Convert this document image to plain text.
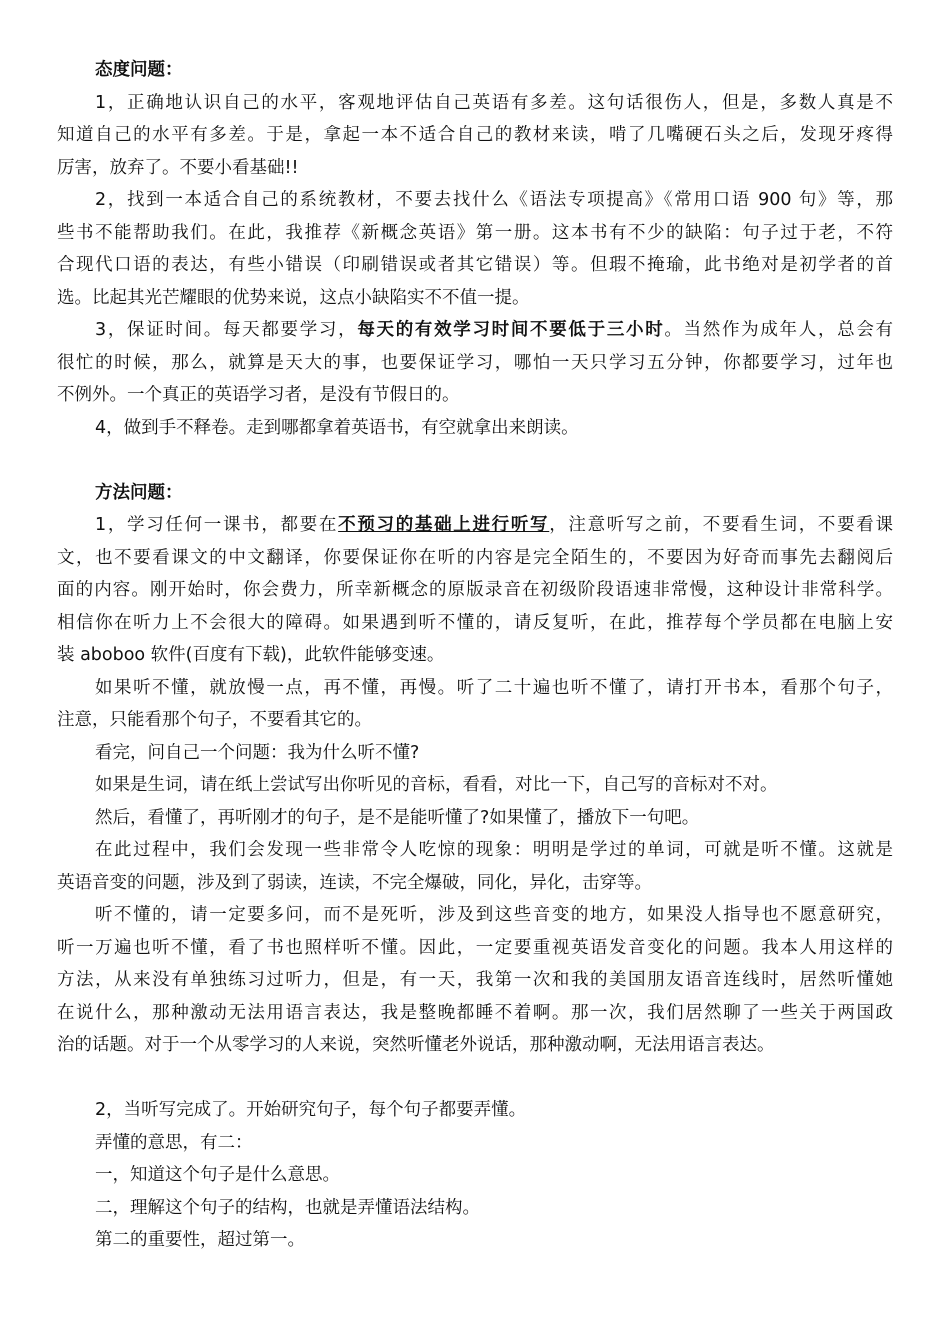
态度问题：
1，正确地认识自己的水平，客观地评估自己英语有多差。这句话很伤人，但是，多数人真是不
知道自己的水平有多差。于是，拿起一本不适合自己的教材来读，啃了几嘴硬石头之后，发现牙疼得
厉害，放弃了。不要小看基础!!
2，找到一本适合自己的系统教材，不要去找什么《语法专项提高》《常用口语 900 句》等，那
些书不能帮助我们。在此，我推荐《新概念英语》第一册。这本书有不少的缺陷：句子过于老，不符
合现代口语的表达，有些小错误（印刷错误或者其它错误）等。但瑕不掩瑜，此书绝对是初学者的首
选。比起其光芒耀眼的优势来说，这点小缺陷实不不值一提。
3，保证时间。每天都要学习，每天的有效学习时间不要低于三小时。当然作为成年人，总会有
很忙的时候，那么，就算是天大的事，也要保证学习，哪怕一天只学习五分钟，你都要学习，过年也
不例外。一个真正的英语学习者，是没有节假日的。
4，做到手不释卷。走到哪都拿着英语书，有空就拿出来朗读。
方法问题：
1，学习任何一课书，都要在不预习的基础上进行听写，注意听写之前，不要看生词，不要看课
文，也不要看课文的中文翻译，你要保证你在听的内容是完全陌生的，不要因为好奇而事先去翻阅后
面的内容。刚开始时，你会费力，所幸新概念的原版录音在初级阶段语速非常慢，这种设计非常科学。
相信你在听力上不会很大的障碍。如果遇到听不懂的，请反复听，在此，推荐每个学员都在电脑上安
装 aboboo 软件(百度有下载)，此软件能够变速。
如果听不懂，就放慢一点，再不懂，再慢。听了二十遍也听不懂了，请打开书本，看那个句子，
注意，只能看那个句子，不要看其它的。
看完，问自己一个问题：我为什么听不懂?
如果是生词，请在纸上尝试写出你听见的音标，看看，对比一下，自己写的音标对不对。
然后，看懂了，再听刚才的句子，是不是能听懂了?如果懂了，播放下一句吧。
在此过程中，我们会发现一些非常令人吃惊的现象：明明是学过的单词，可就是听不懂。这就是
英语音变的问题，涉及到了弱读，连读，不完全爆破，同化，异化，击穿等。
听不懂的，请一定要多问，而不是死听，涉及到这些音变的地方，如果没人指导也不愿意研究，
听一万遍也听不懂，看了书也照样听不懂。因此，一定要重视英语发音变化的问题。我本人用这样的
方法，从来没有单独练习过听力，但是，有一天，我第一次和我的美国朋友语音连线时，居然听懂她
在说什么，那种激动无法用语言表达，我是整晚都睡不着啊。那一次，我们居然聊了一些关于两国政
治的话题。对于一个从零学习的人来说，突然听懂老外说话，那种激动啊，无法用语言表达。
2，当听写完成了。开始研究句子，每个句子都要弄懂。
弄懂的意思，有二：
一，知道这个句子是什么意思。
二，理解这个句子的结构，也就是弄懂语法结构。
第二的重要性，超过第一。
